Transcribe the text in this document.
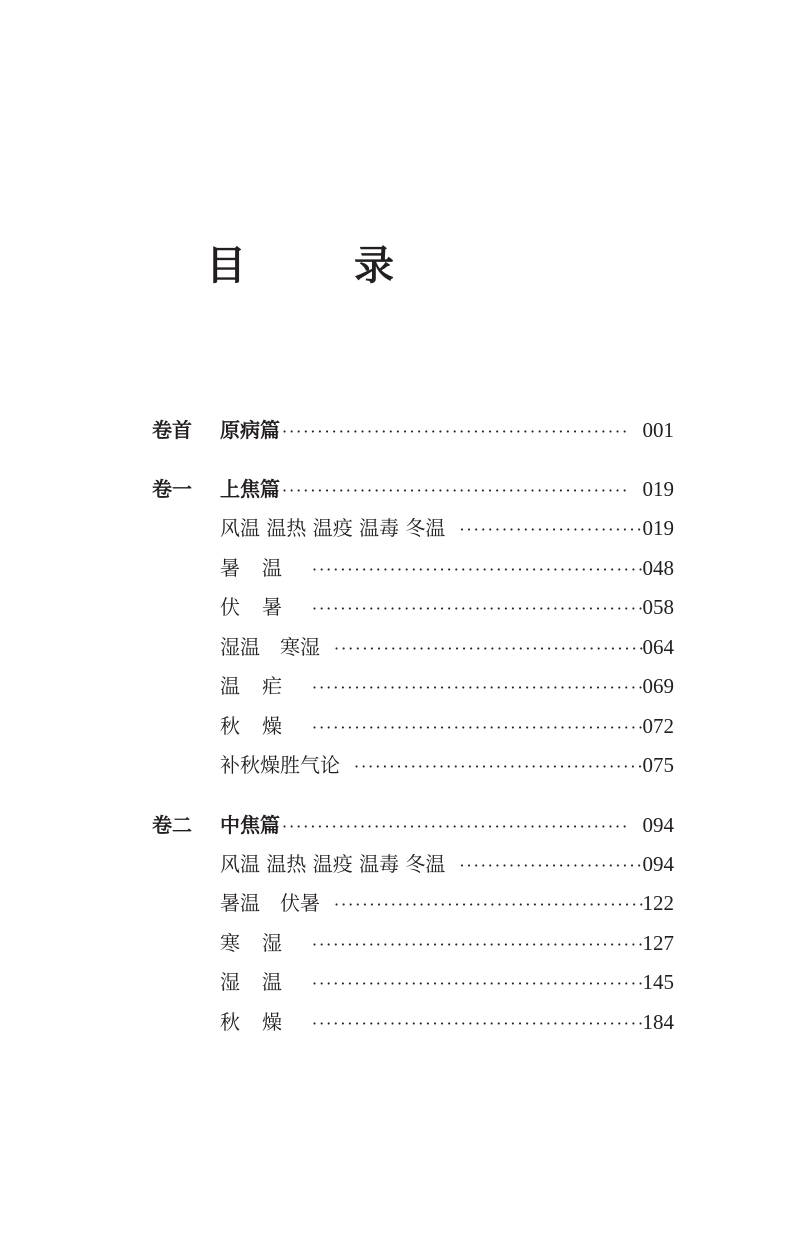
目　录
卷首	原病篇 ·····	001
卷一	上焦篇 ·····	019
风温 温热 温疫 温毒 冬温 ·····	019
暑温 ·····	048
伏暑 ·····	058
湿温　寒湿 ·····	064
温疟 ·····	069
秋燥 ·····	072
补秋燥胜气论 ·····	075
卷二	中焦篇 ·····	094
风温 温热 温疫 温毒 冬温 ·····	094
暑温　伏暑 ·····	122
寒湿 ·····	127
湿温 ·····	145
秋燥 ·····	184
